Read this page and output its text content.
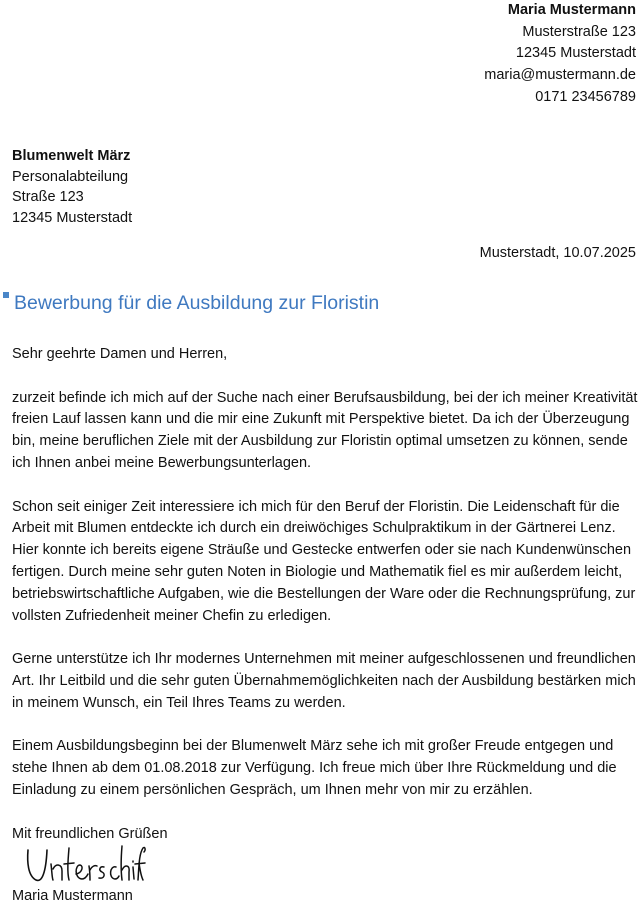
Maria Mustermann
Musterstraße 123
12345 Musterstadt
maria@mustermann.de
0171 23456789
Blumenwelt März
Personalabteilung
Straße 123
12345 Musterstadt
Musterstadt, 10.07.2025
Bewerbung für die Ausbildung zur Floristin

Sehr geehrte Damen und Herren,

zurzeit befinde ich mich auf der Suche nach einer Berufsausbildung, bei der ich meiner Kreativität freien Lauf lassen kann und die mir eine Zukunft mit Perspektive bietet. Da ich der Überzeugung bin, meine beruflichen Ziele mit der Ausbildung zur Floristin optimal umsetzen zu können, sende ich Ihnen anbei meine Bewerbungsunterlagen.

Schon seit einiger Zeit interessiere ich mich für den Beruf der Floristin. Die Leidenschaft für die Arbeit mit Blumen entdeckte ich durch ein dreiwöchiges Schulpraktikum in der Gärtnerei Lenz. Hier konnte ich bereits eigene Sträuße und Gestecke entwerfen oder sie nach Kundenwünschen fertigen. Durch meine sehr guten Noten in Biologie und Mathematik fiel es mir außerdem leicht, betriebswirtschaftliche Aufgaben, wie die Bestellungen der Ware oder die Rechnungsprüfung, zur vollsten Zufriedenheit meiner Chefin zu erledigen.

Gerne unterstütze ich Ihr modernes Unternehmen mit meiner aufgeschlossenen und freundlichen Art. Ihr Leitbild und die sehr guten Übernahmemöglichkeiten nach der Ausbildung bestärken mich in meinem Wunsch, ein Teil Ihres Teams zu werden.

Einem Ausbildungsbeginn bei der Blumenwelt März sehe ich mit großer Freude entgegen und stehe Ihnen ab dem 01.08.2018 zur Verfügung. Ich freue mich über Ihre Rückmeldung und die Einladung zu einem persönlichen Gespräch, um Ihnen mehr von mir zu erzählen.

Mit freundlichen Grüßen

Maria Mustermann
